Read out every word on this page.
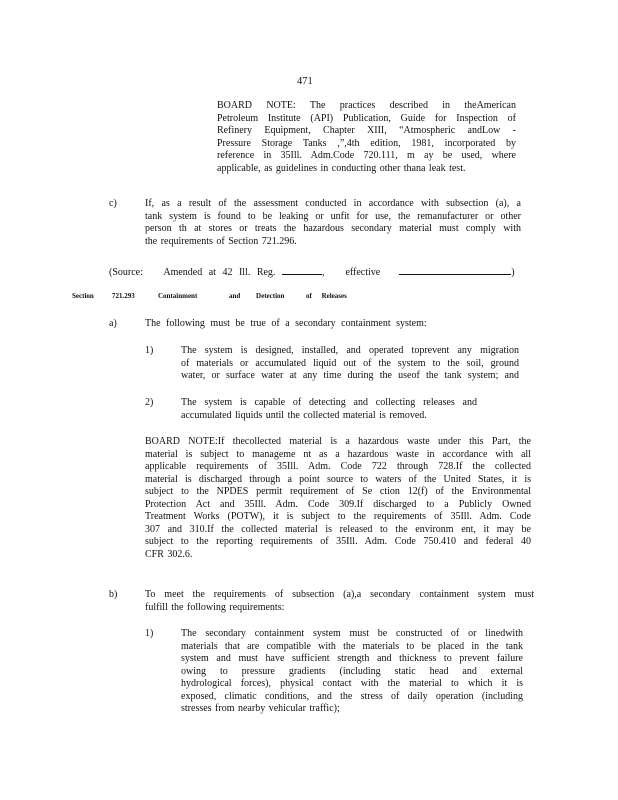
471
BOARD NOTE: The practices described in theAmerican
Petroleum Institute (API) Publication, Guide for Inspection of
Refinery Equipment, Chapter XIII, “Atmospheric andLow -
Pressure Storage Tanks ,”,4th edition, 1981, incorporated by
reference in 35Ill. Adm.Code 720.111, m ay be used, where
applicable, as guidelines in conducting other thana leak test.
c)	If, as a result of the assessment conducted in accordance with subsection (a), a
tank system is found to be leaking or unfit for use, the remanufacturer or other
person th at stores or treats the hazardous secondary material must comply with
the requirements of Section 721.296.
(Source: Amended at 42 Ill. Reg.	, effective	)
Section	721.293	Containment	and Detection	of Releases
a)	The following must be true of a secondary containment system:
1)	The system is designed, installed, and operated toprevent any migration
of materials or accumulated liquid out of the system to the soil, ground
water, or surface water at any time during the useof the tank system; and
2)	The system is capable of detecting and collecting releases and
accumulated liquids until the collected material is removed.
BOARD NOTE:If thecollected material is a hazardous waste under this Part, the
material is subject to manageme nt as a hazardous waste in accordance with all
applicable requirements of 35Ill. Adm. Code 722 through 728.If the collected
material is discharged through a point source to waters of the United States, it is
subject to the NPDES permit requirement of Se ction 12(f) of the Environmental
Protection Act and 35Ill. Adm. Code 309.If discharged to a Publicly Owned
Treatment Works (POTW), it is subject to the requirements of 35Ill. Adm. Code
307 and 310.If the collected material is released to the environm ent, it may be
subject to the reporting requirements of 35Ill. Adm. Code 750.410 and federal 40
CFR 302.6.
b)	To meet the requirements of subsection (a),a secondary containment system must
fulfill the following requirements:
1)	The secondary containment system must be constructed of or linedwith
materials that are compatible with the materials to be placed in the tank
system and must have sufficient strength and thickness to prevent failure
owing to pressure gradients (including static head and external
hydrological forces), physical contact with the material to which it is
exposed, climatic conditions, and the stress of daily operation (including
stresses from nearby vehicular traffic);
